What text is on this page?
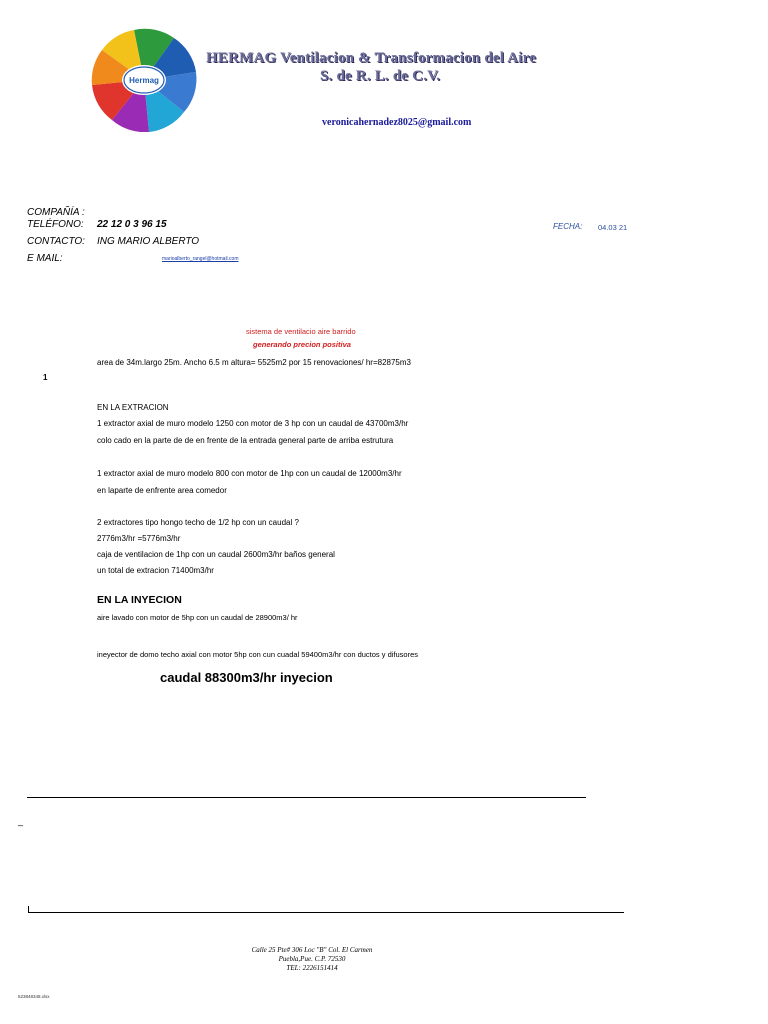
Hermag
HERMAG Ventilacion & Transformacion del Aire
S. de R. L. de C.V.
veronicahernadez8025@gmail.com
COMPAÑÍA :
TELÉFONO: 22 12 0 3 96 15
CONTACTO: ING MARIO ALBERTO
E MAIL:	marioalberto_rangel@hotmail.com
FECHA: 04.03 21
sistema de ventilacio aire barrido
generando precion positiva
area de 34m.largo 25m. Ancho 6.5 m altura= 5525m2 por 15 renovaciones/ hr=82875m3
1
EN LA EXTRACION
1 extractor axial de muro modelo 1250 con motor de 3 hp con un caudal de 43700m3/hr
colo cado en la parte de de en frente de la entrada general parte de arriba estrutura
1 extractor axial de muro modelo 800 con motor de 1hp con un caudal de 12000m3/hr
en laparte de enfrente area comedor
2 extractores tipo hongo techo de 1/2 hp con un caudal ?
2776m3/hr =5776m3/hr
caja de ventilacion de 1hp con un caudal 2600m3/hr baños general
un total de extracion 71400m3/hr
EN LA INYECION
aire lavado con motor de 5hp con un caudal de 28900m3/ hr
ineyector de domo techo axial con motor 5hp con cun cuadal 59400m3/hr con ductos y difusores
caudal 88300m3/hr inyecion
_
Calle 25 Pte# 306 Loc "B" Col. El Carmen
Puebla,Pue. C.P. 72530
TEL: 2226151414
523848348.xlsx
